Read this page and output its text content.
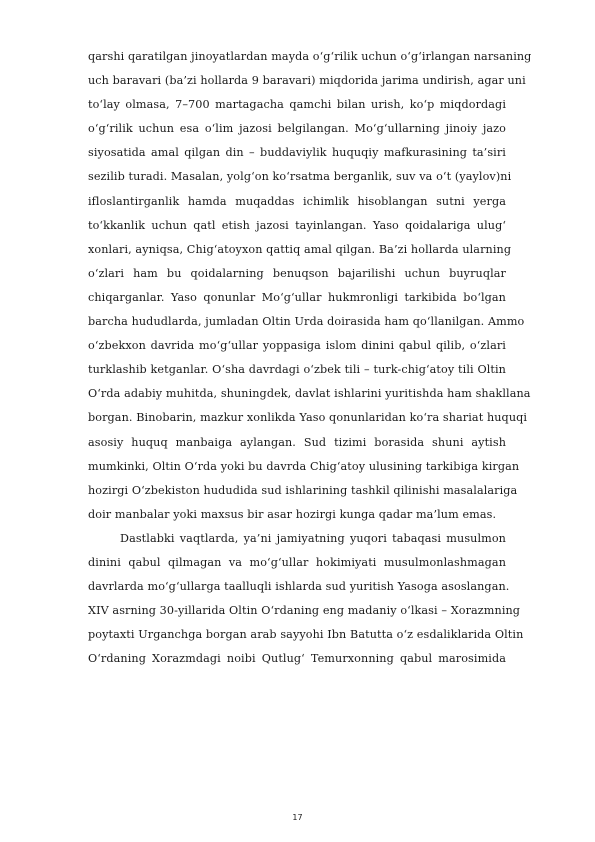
qarshi qaratilgan jinoyatlardan mayda o‘g‘rilik uchun o‘g‘irlangan narsaning
uch baravari (ba’zi hollarda 9 baravari) miqdorida jarima undirish, agar uni
to‘lay olmasa, 7–700 martagacha qamchi bilan urish, ko‘p miqdordagi
o‘g‘rilik uchun esa o‘lim jazosi belgilangan. Mo‘g‘ullarning jinoiy jazo
siyosatida amal qilgan din – buddaviylik huquqiy mafkurasining ta’siri
sezilib turadi. Masalan, yolg‘on ko‘rsatma berganlik, suv va o‘t (yaylov)ni
ifloslantirganlik hamda muqaddas ichimlik hisoblangan sutni yerga
to‘kkanlik uchun qatl etish jazosi tayinlangan. Yaso qoidalariga ulug‘
xonlari, ayniqsa, Chig‘atoyxon qattiq amal qilgan. Ba’zi hollarda ularning
o‘zlari ham bu qoidalarning benuqson bajarilishi uchun buyruqlar
chiqarganlar. Yaso qonunlar Mo‘g‘ullar hukmronligi tarkibida bo‘lgan
barcha hududlarda, jumladan Oltin Urda doirasida ham qo‘llanilgan. Ammo
o‘zbekxon davrida mo‘g‘ullar yoppasiga islom dinini qabul qilib, o‘zlari
turklashib ketganlar. O‘sha davrdagi o‘zbek tili – turk-chig‘atoy tili Oltin
O‘rda adabiy muhitda, shuningdek, davlat ishlarini yuritishda ham shakllana
borgan. Binobarin, mazkur xonlikda Yaso qonunlaridan ko‘ra shariat huquqi
asosiy huquq manbaiga aylangan. Sud tizimi borasida shuni aytish
mumkinki, Oltin O‘rda yoki bu davrda Chig‘atoy ulusining tarkibiga kirgan
hozirgi O‘zbekiston hududida sud ishlarining tashkil qilinishi masalalariga
doir manbalar yoki maxsus bir asar hozirgi kunga qadar ma’lum emas.
Dastlabki vaqtlarda, ya’ni jamiyatning yuqori tabaqasi musulmon
dinini qabul qilmagan va mo‘g‘ullar hokimiyati musulmonlashmagan
davrlarda mo‘g‘ullarga taalluqli ishlarda sud yuritish Yasoga asoslangan.
XIV asrning 30-yillarida Oltin O‘rdaning eng madaniy o‘lkasi – Xorazmning
poytaxti Urganchga borgan arab sayyohi Ibn Batutta o‘z esdaliklarida Oltin
O‘rdaning Xorazmdagi noibi Qutlug‘ Temurxonning qabul marosimida
17
